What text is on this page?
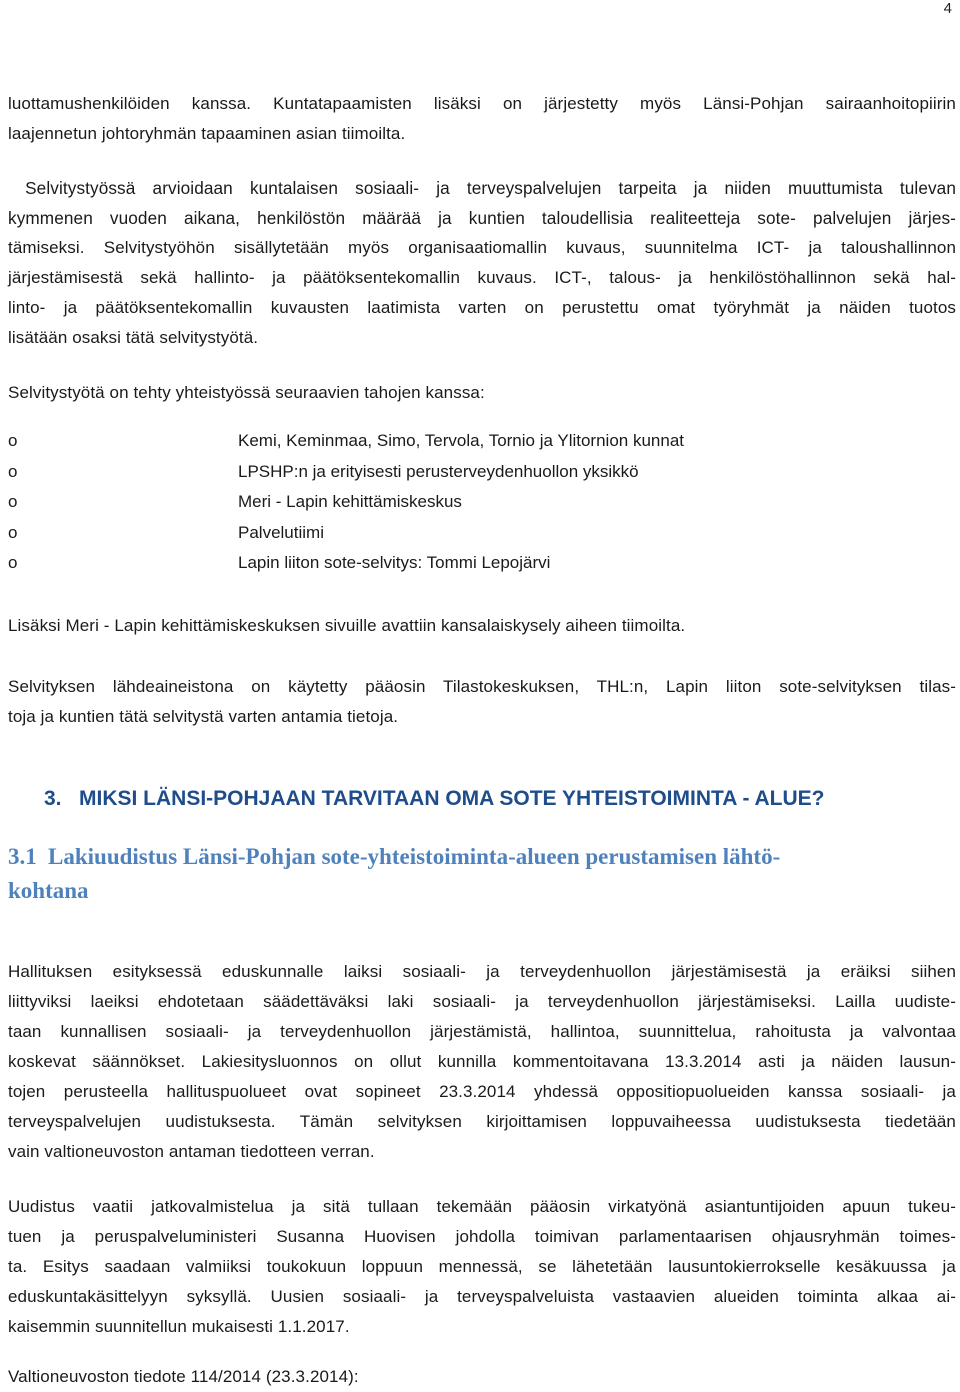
4
luottamushenkilöiden kanssa. Kuntatapaamisten lisäksi on järjestetty myös Länsi-Pohjan sairaanhoitopiirin
laajennetun johtoryhmän tapaaminen asian tiimoilta.
Selvitystyössä arvioidaan kuntalaisen sosiaali- ja terveyspalvelujen tarpeita ja niiden muuttumista tulevan
kymmenen vuoden aikana, henkilöstön määrää ja kuntien taloudellisia realiteetteja sote- palvelujen järjes-
tämiseksi. Selvitystyöhön sisällytetään myös organisaatiomallin kuvaus, suunnitelma ICT- ja taloushallinnon
järjestämisestä sekä hallinto- ja päätöksentekomallin kuvaus. ICT-, talous- ja henkilöstöhallinnon sekä hal-
linto- ja päätöksentekomallin kuvausten laatimista varten on perustettu omat työryhmät ja näiden tuotos
lisätään osaksi tätä selvitystyötä.
Selvitystyötä on tehty yhteistyössä seuraavien tahojen kanssa:
o	Kemi, Keminmaa, Simo, Tervola, Tornio ja Ylitornion kunnat
o	LPSHP:n ja erityisesti perusterveydenhuollon yksikkö
o	Meri - Lapin kehittämiskeskus
o	Palvelutiimi
o	Lapin liiton sote-selvitys: Tommi Lepojärvi
Lisäksi Meri - Lapin kehittämiskeskuksen sivuille avattiin kansalaiskysely aiheen tiimoilta.
Selvityksen lähdeaineistona on käytetty pääosin Tilastokeskuksen, THL:n, Lapin liiton sote-selvityksen tilas-
toja ja kuntien tätä selvitystä varten antamia tietoja.
3. MIKSI LÄNSI-POHJAAN TARVITAAN OMA SOTE YHTEISTOIMINTA - ALUE?
3.1 Lakiuudistus Länsi-Pohjan sote-yhteistoiminta-alueen perustamisen lähtö-
kohtana
Hallituksen esityksessä eduskunnalle laiksi sosiaali- ja terveydenhuollon järjestämisestä ja eräiksi siihen
liittyviksi laeiksi ehdotetaan säädettäväksi laki sosiaali- ja terveydenhuollon järjestämiseksi. Lailla uudiste-
taan kunnallisen sosiaali- ja terveydenhuollon järjestämistä, hallintoa, suunnittelua, rahoitusta ja valvontaa
koskevat säännökset. Lakiesitysluonnos on ollut kunnilla kommentoitavana 13.3.2014 asti ja näiden lausun-
tojen perusteella hallituspuolueet ovat sopineet 23.3.2014 yhdessä oppositiopuolueiden kanssa sosiaali- ja
terveyspalvelujen uudistuksesta. Tämän selvityksen kirjoittamisen loppuvaiheessa uudistuksesta tiedetään
vain valtioneuvoston antaman tiedotteen verran.
Uudistus vaatii jatkovalmistelua ja sitä tullaan tekemään pääosin virkatyönä asiantuntijoiden apuun tukeu-
tuen ja peruspalveluministeri Susanna Huovisen johdolla toimivan parlamentaarisen ohjausryhmän toimes-
ta. Esitys saadaan valmiiksi toukokuun loppuun mennessä, se lähetetään lausuntokierrokselle kesäkuussa ja
eduskuntakäsittelyyn syksyllä. Uusien sosiaali- ja terveyspalveluista vastaavien alueiden toiminta alkaa ai-
kaisemmin suunnitellun mukaisesti 1.1.2017.
Valtioneuvoston tiedote 114/2014 (23.3.2014):
